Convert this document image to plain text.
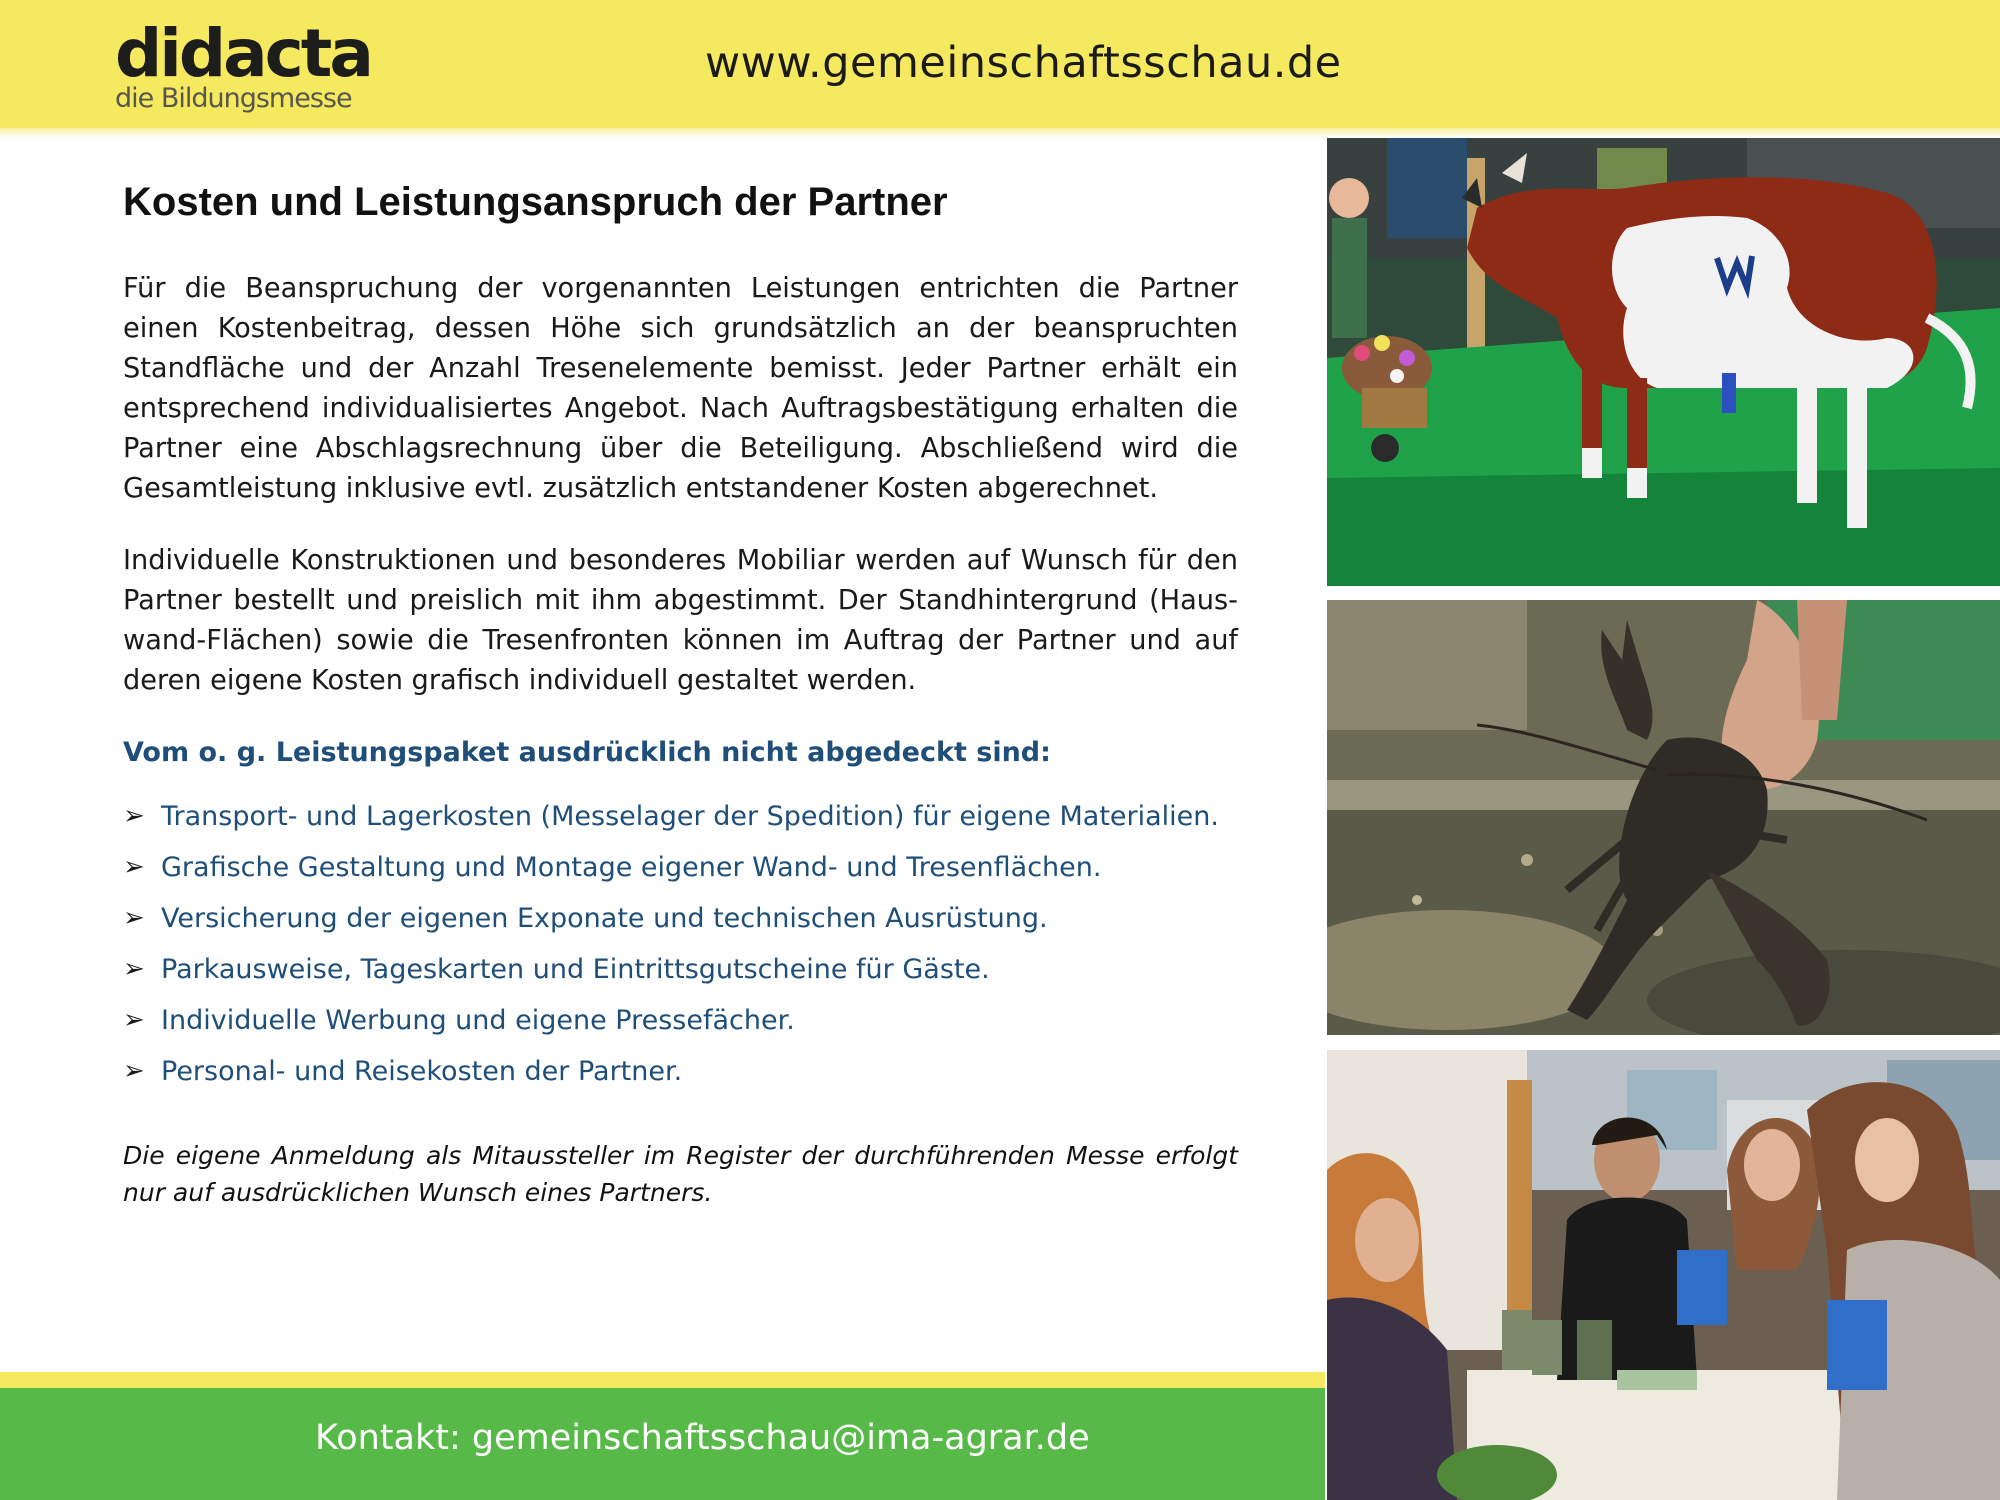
didacta
die Bildungsmesse
www.gemeinschaftsschau.de
Kosten und Leistungsanspruch der Partner

Für die Beanspruchung der vorgenannten Leistungen entrichten die Partner einen Kostenbeitrag, dessen Höhe sich grundsätzlich an der beanspruchten Standfläche und der Anzahl Tresenelemente bemisst. Jeder Partner erhält ein entsprechend individualisiertes Angebot. Nach Auftragsbestätigung erhalten die Partner eine Abschlagsrechnung über die Beteiligung. Abschließend wird die Gesamtleistung inklusive evtl. zusätzlich entstandener Kosten abgerechnet.

Individuelle Konstruktionen und besonderes Mobiliar werden auf Wunsch für den Partner bestellt und preislich mit ihm abgestimmt. Der Standhintergrund (Haus-wand-Flächen) sowie die Tresenfronten können im Auftrag der Partner und auf deren eigene Kosten grafisch individuell gestaltet werden.

Vom o. g. Leistungspaket ausdrücklich nicht abgedeckt sind:
➢ Transport- und Lagerkosten (Messelager der Spedition) für eigene Materialien.
➢ Grafische Gestaltung und Montage eigener Wand- und Tresenflächen.
➢ Versicherung der eigenen Exponate und technischen Ausrüstung.
➢ Parkausweise, Tageskarten und Eintrittsgutscheine für Gäste.
➢ Individuelle Werbung und eigene Pressefächer.
➢ Personal- und Reisekosten der Partner.
Die eigene Anmeldung als Mitaussteller im Register der durchführenden Messe erfolgt nur auf ausdrücklichen Wunsch eines Partners.
Kontakt: gemeinschaftsschau@ima-agrar.de
